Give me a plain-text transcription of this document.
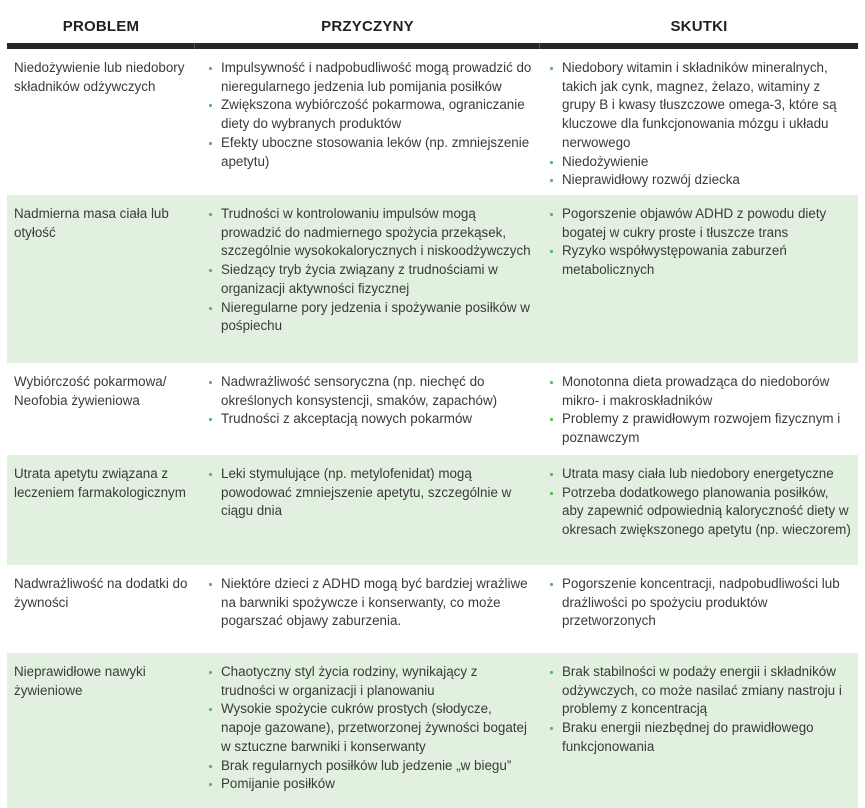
PROBLEM	PRZYCZYNY	SKUTKI
Niedożywienie lub niedobory składników odżywczych
Impulsywność i nadpobudliwość mogą prowadzić do nieregularnego jedzenia lub pomijania posiłków
Zwiększona wybiórczość pokarmowa, ograniczanie diety do wybranych produktów
Efekty uboczne stosowania leków (np. zmniejszenie apetytu)
Niedobory witamin i składników mineralnych, takich jak cynk, magnez, żelazo, witaminy z grupy B i kwasy tłuszczowe omega-3, które są kluczowe dla funkcjonowania mózgu i układu nerwowego
Niedożywienie
Nieprawidłowy rozwój dziecka
Nadmierna masa ciała lub otyłość
Trudności w kontrolowaniu impulsów mogą prowadzić do nadmiernego spożycia przekąsek, szczególnie wysokokalorycznych i niskoodżywczych
Siedzący tryb życia związany z trudnościami w organizacji aktywności fizycznej
Nieregularne pory jedzenia i spożywanie posiłków w pośpiechu
Pogorszenie objawów ADHD z powodu diety bogatej w cukry proste i tłuszcze trans
Ryzyko współwystępowania zaburzeń metabolicznych
Wybiórczość pokarmowa/ Neofobia żywieniowa
Nadwrażliwość sensoryczna (np. niechęć do określonych konsystencji, smaków, zapachów)
Trudności z akceptacją nowych pokarmów
Monotonna dieta prowadząca do niedoborów mikro- i makroskładników
Problemy z prawidłowym rozwojem fizycznym i poznawczym
Utrata apetytu związana z leczeniem farmakologicznym
Leki stymulujące (np. metylofenidat) mogą powodować zmniejszenie apetytu, szczególnie w ciągu dnia
Utrata masy ciała lub niedobory energetyczne
Potrzeba dodatkowego planowania posiłków, aby zapewnić odpowiednią kaloryczność diety w okresach zwiększonego apetytu (np. wieczorem)
Nadwrażliwość na dodatki do żywności
Niektóre dzieci z ADHD mogą być bardziej wrażliwe na barwniki spożywcze i konserwanty, co może pogarszać objawy zaburzenia.
Pogorszenie koncentracji, nadpobudliwości lub drażliwości po spożyciu produktów przetworzonych
Nieprawidłowe nawyki żywieniowe
Chaotyczny styl życia rodziny, wynikający z trudności w organizacji i planowaniu
Wysokie spożycie cukrów prostych (słodycze, napoje gazowane), przetworzonej żywności bogatej w sztuczne barwniki i konserwanty
Brak regularnych posiłków lub jedzenie „w biegu”
Pomijanie posiłków
Brak stabilności w podaży energii i składników odżywczych, co może nasilać zmiany nastroju i problemy z koncentracją
Braku energii niezbędnej do prawidłowego funkcjonowania
